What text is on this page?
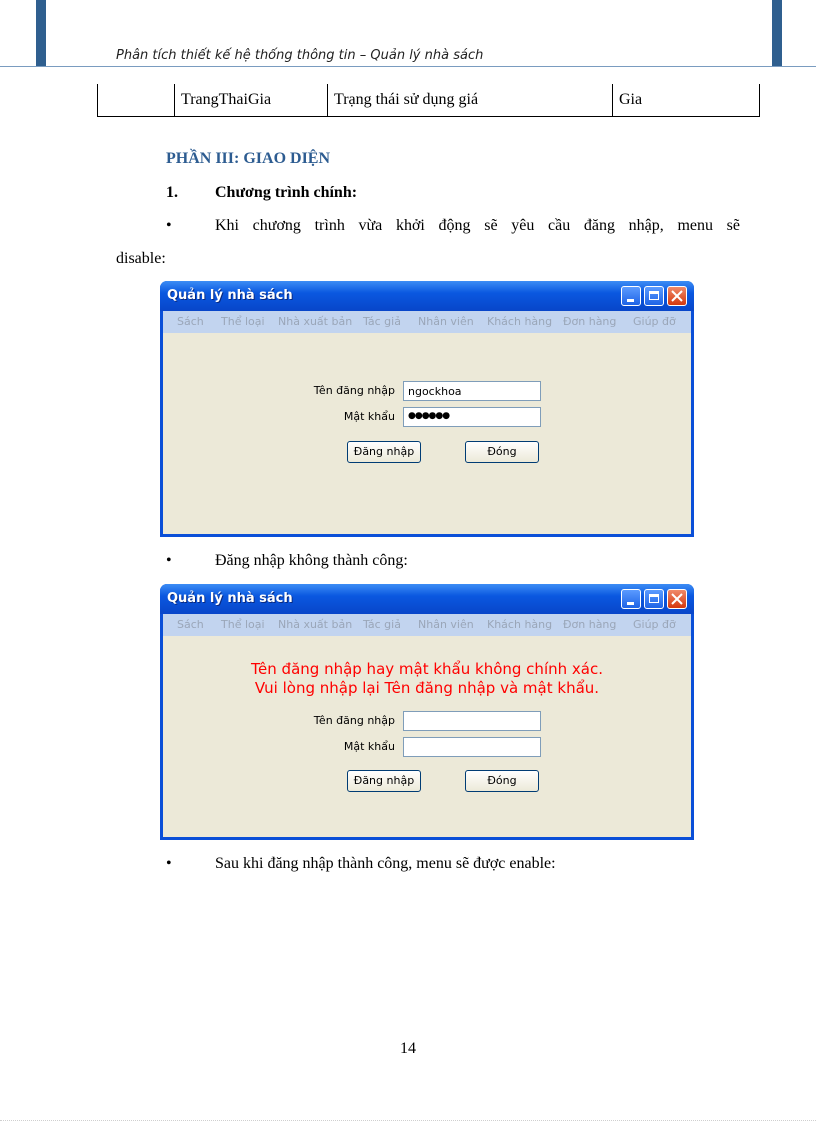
Phân tích thiết kế hệ thống thông tin – Quản lý nhà sách
	TrangThaiGia	Trạng thái sử dụng giá	Gia
PHẦN III: GIAO DIỆN
1. Chương trình chính:
•	Khi chương trình vừa khởi động sẽ yêu cầu đăng nhập, menu sẽ
disable:
Quản lý nhà sách
Sách Thể loại Nhà xuất bản Tác giả Nhân viên Khách hàng Đơn hàng Giúp đỡ
Tên đăng nhập	ngockhoa
Mật khẩu	●●●●●●
Đăng nhập	Đóng
•	Đăng nhập không thành công:
Quản lý nhà sách
Sách Thể loại Nhà xuất bản Tác giả Nhân viên Khách hàng Đơn hàng Giúp đỡ
Tên đăng nhập hay mật khẩu không chính xác.
Vui lòng nhập lại Tên đăng nhập và mật khẩu.
Tên đăng nhập
Mật khẩu
Đăng nhập	Đóng
•	Sau khi đăng nhập thành công, menu sẽ được enable:
14
